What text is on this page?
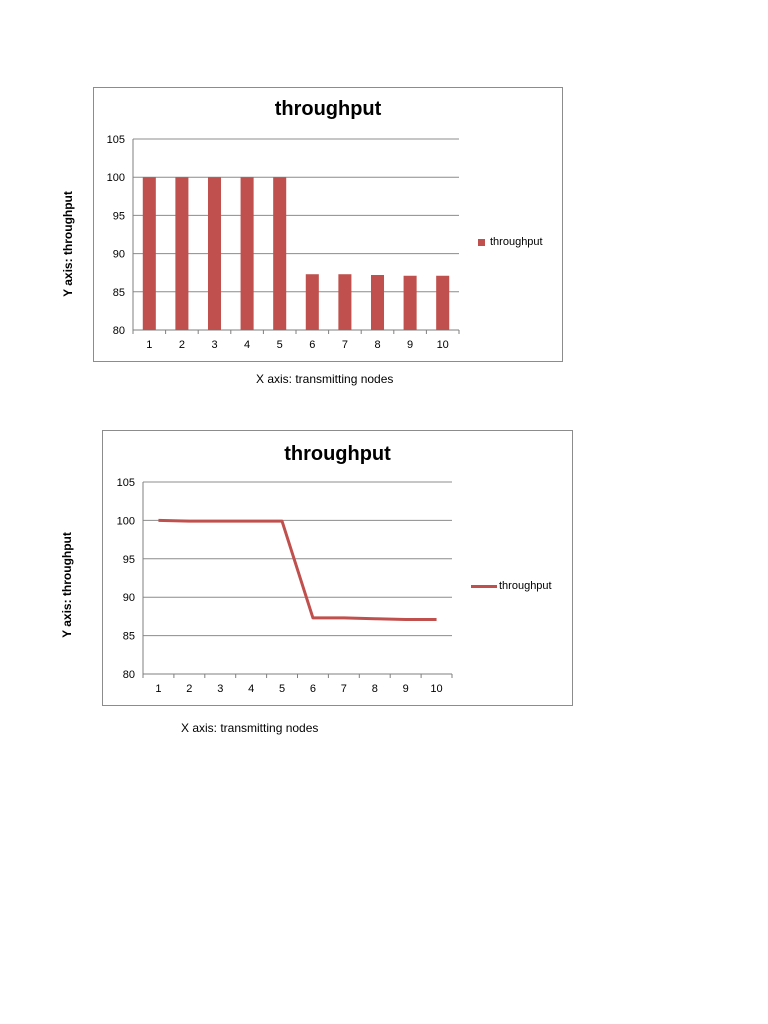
throughput
80
85
90
95
100
105
1 2 3 4 5 6 7 8 9 10
throughput
Y axis: throughput
X axis: transmitting nodes
throughput
80
85
90
95
100
105
1 2 3 4 5 6 7 8 9 10
throughput
Y axis: throughput
X axis: transmitting nodes
